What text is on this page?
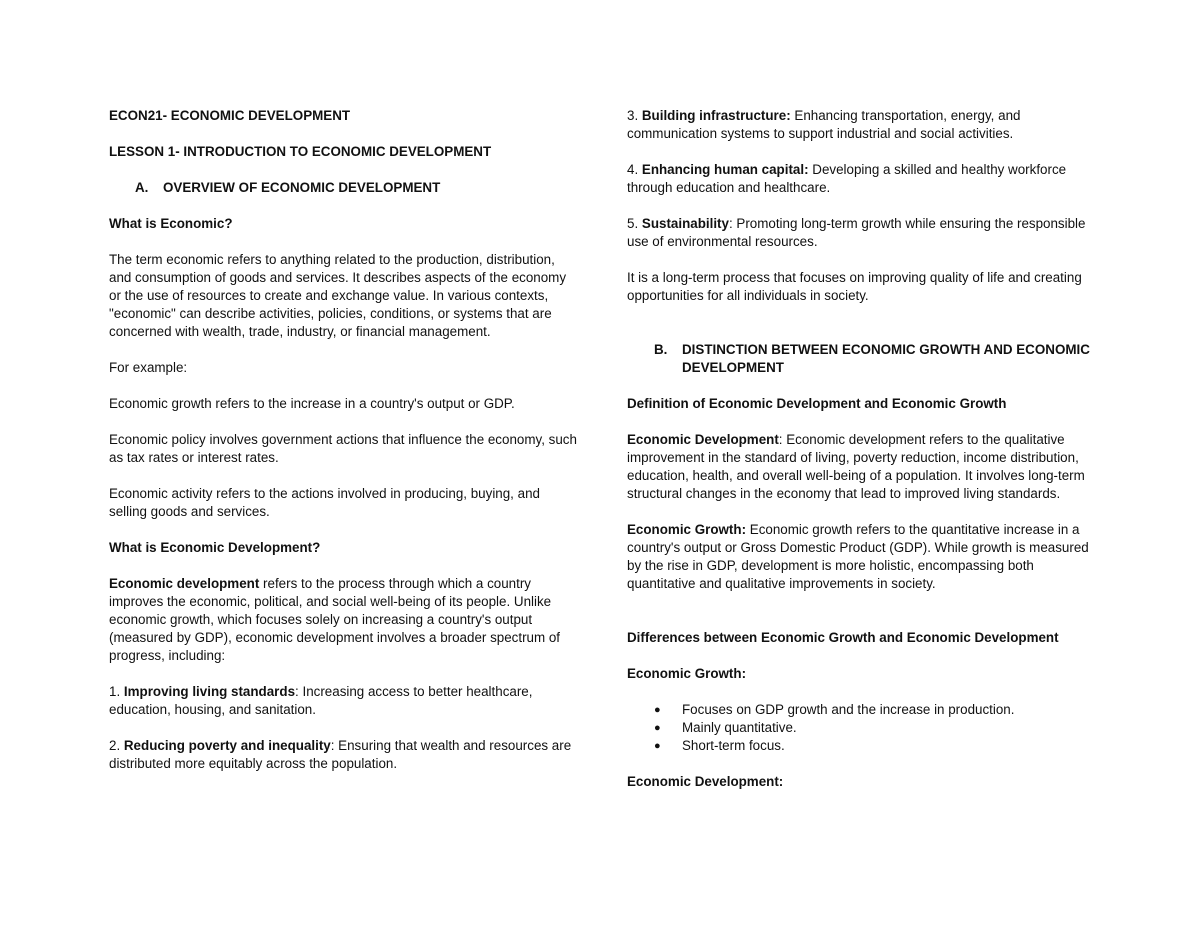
ECON21- ECONOMIC DEVELOPMENT

LESSON 1- INTRODUCTION TO ECONOMIC DEVELOPMENT

A.	OVERVIEW OF ECONOMIC DEVELOPMENT

What is Economic?

The term economic refers to anything related to the production, distribution, and consumption of goods and services. It describes aspects of the economy or the use of resources to create and exchange value. In various contexts, "economic" can describe activities, policies, conditions, or systems that are concerned with wealth, trade, industry, or financial management.

For example:

Economic growth refers to the increase in a country's output or GDP.

Economic policy involves government actions that influence the economy, such as tax rates or interest rates.

Economic activity refers to the actions involved in producing, buying, and selling goods and services.

What is Economic Development?

Economic development refers to the process through which a country improves the economic, political, and social well-being of its people. Unlike economic growth, which focuses solely on increasing a country's output (measured by GDP), economic development involves a broader spectrum of progress, including:

1. Improving living standards: Increasing access to better healthcare, education, housing, and sanitation.

2. Reducing poverty and inequality: Ensuring that wealth and resources are distributed more equitably across the population.

3. Building infrastructure: Enhancing transportation, energy, and communication systems to support industrial and social activities.

4. Enhancing human capital: Developing a skilled and healthy workforce through education and healthcare.

5. Sustainability: Promoting long-term growth while ensuring the responsible use of environmental resources.

It is a long-term process that focuses on improving quality of life and creating opportunities for all individuals in society.

B.	DISTINCTION BETWEEN ECONOMIC GROWTH AND ECONOMIC DEVELOPMENT

Definition of Economic Development and Economic Growth

Economic Development: Economic development refers to the qualitative improvement in the standard of living, poverty reduction, income distribution, education, health, and overall well-being of a population. It involves long-term structural changes in the economy that lead to improved living standards.

Economic Growth: Economic growth refers to the quantitative increase in a country's output or Gross Domestic Product (GDP). While growth is measured by the rise in GDP, development is more holistic, encompassing both quantitative and qualitative improvements in society.

Differences between Economic Growth and Economic Development

Economic Growth:

●	Focuses on GDP growth and the increase in production.
●	Mainly quantitative.
●	Short-term focus.

Economic Development:
